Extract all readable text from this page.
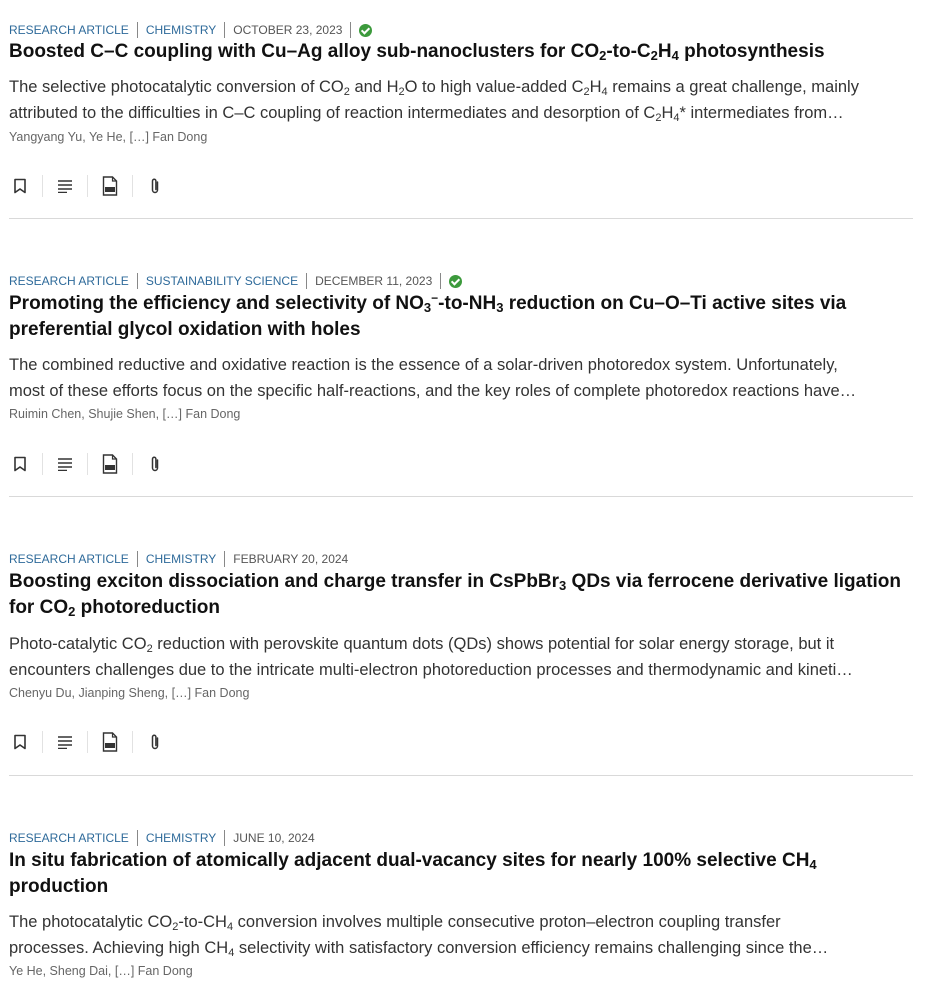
RESEARCH ARTICLE CHEMISTRY OCTOBER 23, 2023
Boosted C–C coupling with Cu–Ag alloy sub-nanoclusters for $CO_2-to-C_2H_4$ photosynthesis

The selective photocatalytic conversion of $CO_2$ and $H_2O$ to high value-added $C_2H_4$ remains a great challenge, mainly
attributed to the difficulties in C–C coupling of reaction intermediates and desorption of $C_2H_4*$ intermediates from…

Yangyang Yu, Ye He, […] Fan Dong

RESEARCH ARTICLE SUSTAINABILITY SCIENCE DECEMBER 11, 2023
Promoting the efficiency and selectivity of $NO_3^--to-NH_3$ reduction on Cu–O–Ti active sites via preferential glycol oxidation with holes

The combined reductive and oxidative reaction is the essence of a solar-driven photoredox system. Unfortunately,
most of these efforts focus on the specific half-reactions, and the key roles of complete photoredox reactions have…

Ruimin Chen, Shujie Shen, […] Fan Dong

RESEARCH ARTICLE CHEMISTRY FEBRUARY 20, 2024
Boosting exciton dissociation and charge transfer in CsPbBr$_3$ QDs via ferrocene derivative ligation for $CO_2$ photoreduction

Photo-catalytic $CO_2$ reduction with perovskite quantum dots (QDs) shows potential for solar energy storage, but it
encounters challenges due to the intricate multi-electron photoreduction processes and thermodynamic and kineti…

Chenyu Du, Jianping Sheng, […] Fan Dong

RESEARCH ARTICLE CHEMISTRY JUNE 10, 2024
In situ fabrication of atomically adjacent dual-vacancy sites for nearly 100% selective $CH_4$ production

The photocatalytic $CO_2-to-CH_4$ conversion involves multiple consecutive proton–electron coupling transfer
processes. Achieving high $CH_4$ selectivity with satisfactory conversion efficiency remains challenging since the…

Ye He, Sheng Dai, […] Fan Dong
